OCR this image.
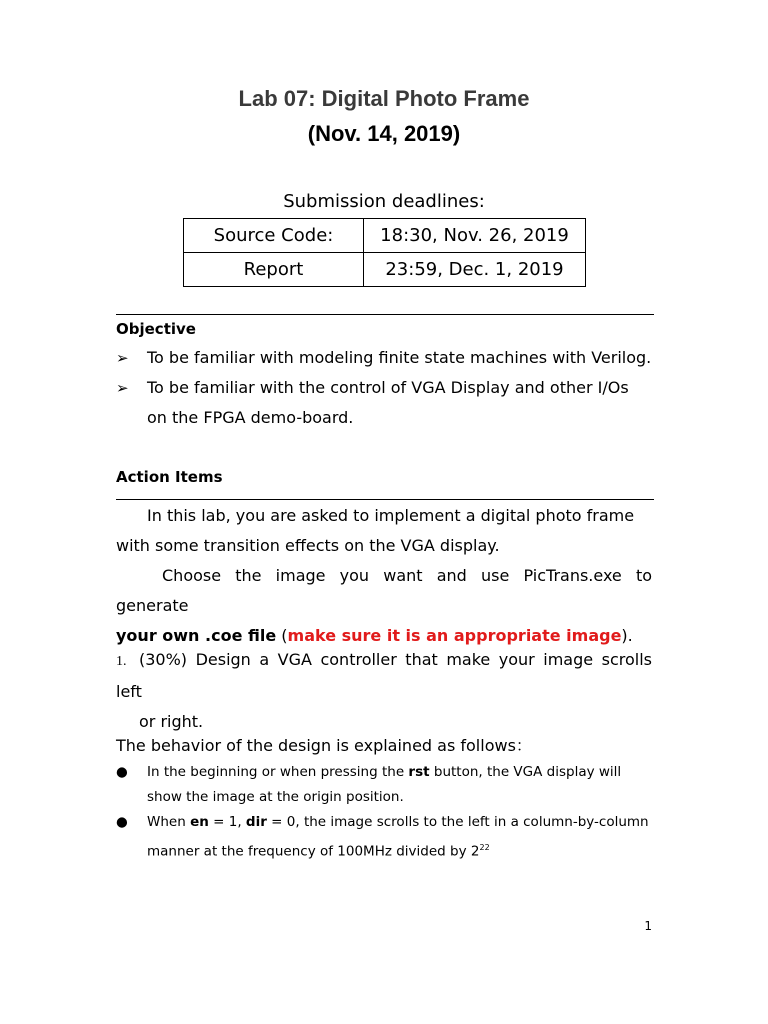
Lab 07: Digital Photo Frame
(Nov. 14, 2019)
Submission deadlines:
Source Code:	18:30, Nov. 26, 2019
Report	23:59, Dec. 1, 2019
Objective
➢ To be familiar with modeling finite state machines with Verilog.
➢ To be familiar with the control of VGA Display and other I/Os
on the FPGA demo-board.
Action Items
In this lab, you are asked to implement a digital photo frame
with some transition effects on the VGA display.
Choose the image you want and use PicTrans.exe to generate
your own .coe file (make sure it is an appropriate image).
1. (30%) Design a VGA controller that make your image scrolls left
or right.
The behavior of the design is explained as follows：
● In the beginning or when pressing the rst button, the VGA display will
show the image at the origin position.
● When en = 1, dir = 0, the image scrolls to the left in a column-by-column
manner at the frequency of 100MHz divided by $2^{22}$
1
